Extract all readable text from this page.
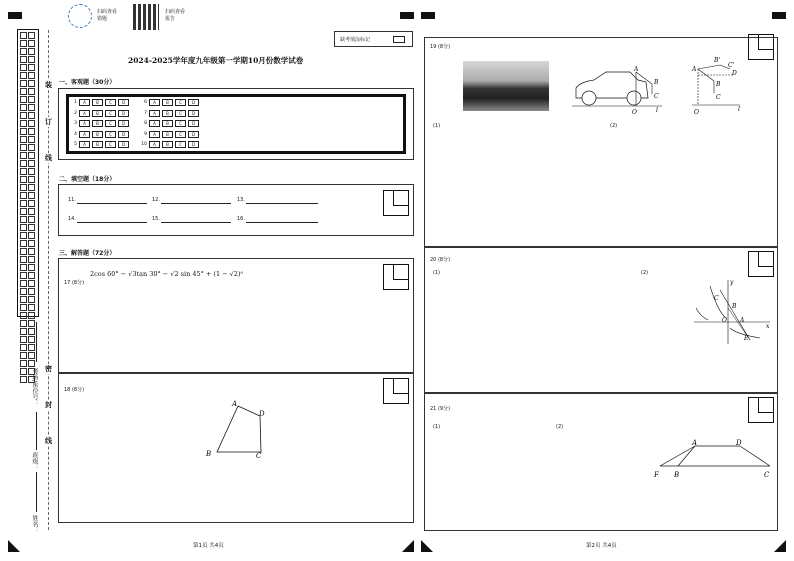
扫码查看错题
扫码查看报告
缺考填涂标记
2024-2025学年度九年级第一学期10月份数学试卷

装
订
线
密
封
线
考场/座位号：
班级：
姓名：
一、客观题（30分）
1	A	B	C	D
2	A	B	C	D
3	A	B	C	D
4	A	B	C	D
5	A	B	C	D
6	A	B	C	D
7	A	B	C	D
8	A	B	C	D
9	A	B	C	D
10	A	B	C	D
二、填空题（18分）
11.	12.	13.
14.	15.	16.
三、解答题（72分）
17 (8分)
2cos 60° − √3tan 30° − √2 sin 45° + (1 − √2)⁰
18 (8分)
A
D
B	C
第1页 共4页
19 (8分)
(1)	(2)
A
B
C
O	l
A
B'
C'
D
B
C
O	l
20 (8分)
(1)	(2)
y
C
B
O A
x
E
21 (9分)
(1)	(2)
A	D
F B	C
第2页 共4页
